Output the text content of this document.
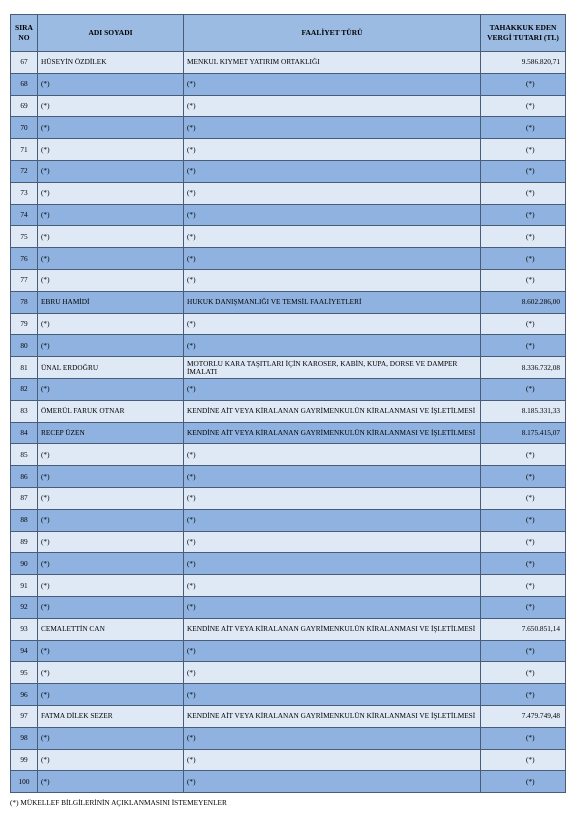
SIRA NO	ADI SOYADI	FAALİYET TÜRÜ	TAHAKKUK EDEN VERGİ TUTARI (TL)
67	HÜSEYİN ÖZDİLEK	MENKUL KIYMET YATIRIM ORTAKLIĞI	9.586.820,71
68	(*)	(*)	(*)
69	(*)	(*)	(*)
70	(*)	(*)	(*)
71	(*)	(*)	(*)
72	(*)	(*)	(*)
73	(*)	(*)	(*)
74	(*)	(*)	(*)
75	(*)	(*)	(*)
76	(*)	(*)	(*)
77	(*)	(*)	(*)
78	EBRU HAMİDİ	HUKUK DANIŞMANLIĞI VE TEMSİL FAALİYETLERİ	8.602.286,00
79	(*)	(*)	(*)
80	(*)	(*)	(*)
81	ÜNAL ERDOĞRU	MOTORLU KARA TAŞITLARI İÇİN KAROSER, KABİN, KUPA, DORSE VE DAMPER İMALATI	8.336.732,08
82	(*)	(*)	(*)
83	ÖMERÜL FARUK OTNAR	KENDİNE AİT VEYA KİRALANAN GAYRİMENKULÜN KİRALANMASI VE İŞLETİLMESİ	8.185.331,33
84	RECEP ÜZEN	KENDİNE AİT VEYA KİRALANAN GAYRİMENKULÜN KİRALANMASI VE İŞLETİLMESİ	8.175.415,07
85	(*)	(*)	(*)
86	(*)	(*)	(*)
87	(*)	(*)	(*)
88	(*)	(*)	(*)
89	(*)	(*)	(*)
90	(*)	(*)	(*)
91	(*)	(*)	(*)
92	(*)	(*)	(*)
93	CEMALETTİN CAN	KENDİNE AİT VEYA KİRALANAN GAYRİMENKULÜN KİRALANMASI VE İŞLETİLMESİ	7.650.851,14
94	(*)	(*)	(*)
95	(*)	(*)	(*)
96	(*)	(*)	(*)
97	FATMA DİLEK SEZER	KENDİNE AİT VEYA KİRALANAN GAYRİMENKULÜN KİRALANMASI VE İŞLETİLMESİ	7.479.749,48
98	(*)	(*)	(*)
99	(*)	(*)	(*)
100	(*)	(*)	(*)
(*) MÜKELLEF BİLGİLERİNİN AÇIKLANMASINI İSTEMEYENLER
